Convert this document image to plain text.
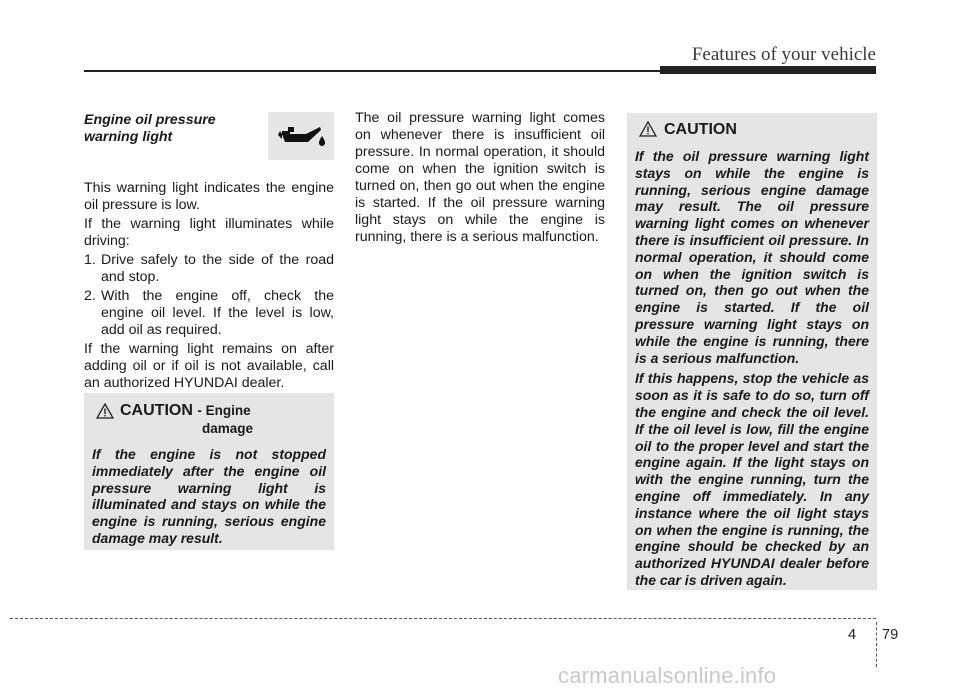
Features of your vehicle
Engine oil pressure warning light

This warning light indicates the engine oil pressure is low.

If the warning light illuminates while driving:

1. Drive safely to the side of the road and stop.
2. With the engine off, check the engine oil level. If the level is low, add oil as required.

If the warning light remains on after adding oil or if oil is not available, call an authorized HYUNDAI dealer.

The oil pressure warning light comes on whenever there is insufficient oil pressure. In normal operation, it should come on when the ignition switch is turned on, then go out when the engine is started. If the oil pressure warning light stays on while the engine is running, there is a serious malfunction.

CAUTION - Engine
damage

If the engine is not stopped immediately after the engine oil pressure warning light is illuminated and stays on while the engine is running, serious engine damage may result.

CAUTION

If the oil pressure warning light stays on while the engine is running, serious engine damage may result. The oil pressure warning light comes on whenever there is insufficient oil pressure. In normal operation, it should come on when the ignition switch is turned on, then go out when the engine is started. If the oil pressure warning light stays on while the engine is running, there is a serious malfunction.

If this happens, stop the vehicle as soon as it is safe to do so, turn off the engine and check the oil level. If the oil level is low, fill the engine oil to the proper level and start the engine again. If the light stays on with the engine running, turn the engine off immediately. In any instance where the oil light stays on when the engine is running, the engine should be checked by an authorized HYUNDAI dealer before the car is driven again.

4 79
carmanualsonline.info
